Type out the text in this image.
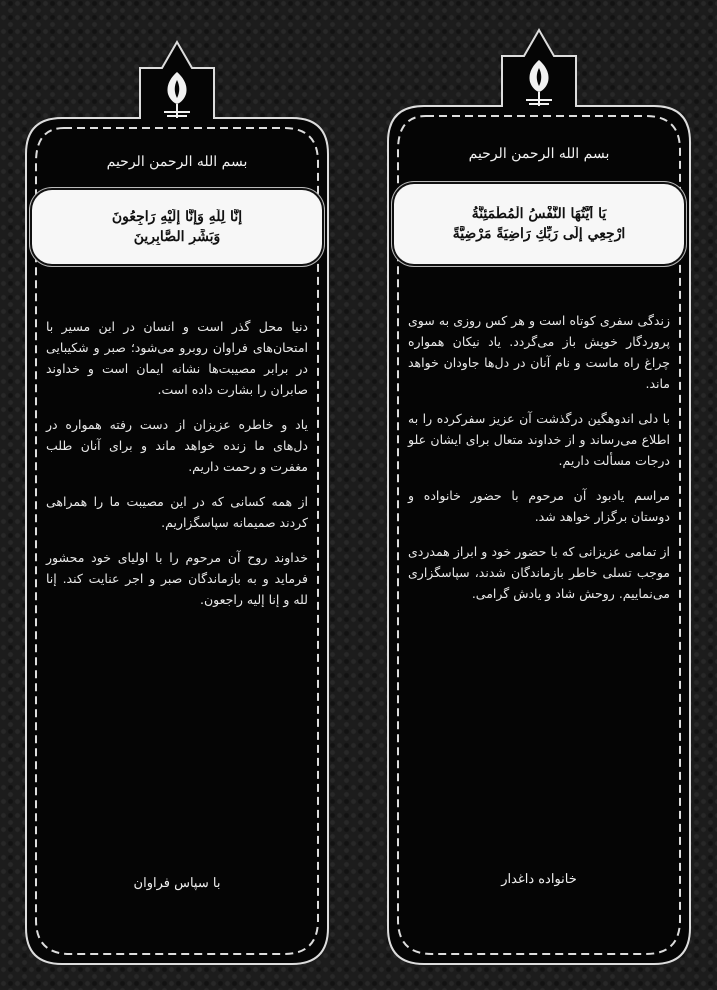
بسم الله الرحمن الرحيم
إِنَّا لِلَّهِ وَإِنَّا إِلَيْهِ رَاجِعُونَ
وَبَشِّرِ الصَّابِرِينَ

دنیا محل گذر است و انسان در این مسیر با امتحان‌های فراوان روبرو می‌شود؛ صبر و شکیبایی در برابر مصیبت‌ها نشانه ایمان است و خداوند صابران را بشارت داده است.

یاد و خاطره عزیزان از دست رفته همواره در دل‌های ما زنده خواهد ماند و برای آنان طلب مغفرت و رحمت داریم.

از همه کسانی که در این مصیبت ما را همراهی کردند صمیمانه سپاسگزاریم.

خداوند روح آن مرحوم را با اولیای خود محشور فرماید و به بازماندگان صبر و اجر عنایت کند. إنا لله و إنا إلیه راجعون.

با سپاس فراوان
بسم الله الرحمن الرحيم
يَا أَيَّتُهَا النَّفْسُ الْمُطْمَئِنَّةُ
ارْجِعِي إِلَى رَبِّكِ رَاضِيَةً مَرْضِيَّةً

زندگی سفری کوتاه است و هر کس روزی به سوی پروردگار خویش باز می‌گردد. یاد نیکان همواره چراغ راه ماست و نام آنان در دل‌ها جاودان خواهد ماند.

با دلی اندوهگین درگذشت آن عزیز سفرکرده را به اطلاع می‌رساند و از خداوند متعال برای ایشان علو درجات مسألت داریم.

مراسم یادبود آن مرحوم با حضور خانواده و دوستان برگزار خواهد شد.

از تمامی عزیزانی که با حضور خود و ابراز همدردی موجب تسلی خاطر بازماندگان شدند، سپاسگزاری می‌نماییم. روحش شاد و یادش گرامی.

خانواده داغدار
